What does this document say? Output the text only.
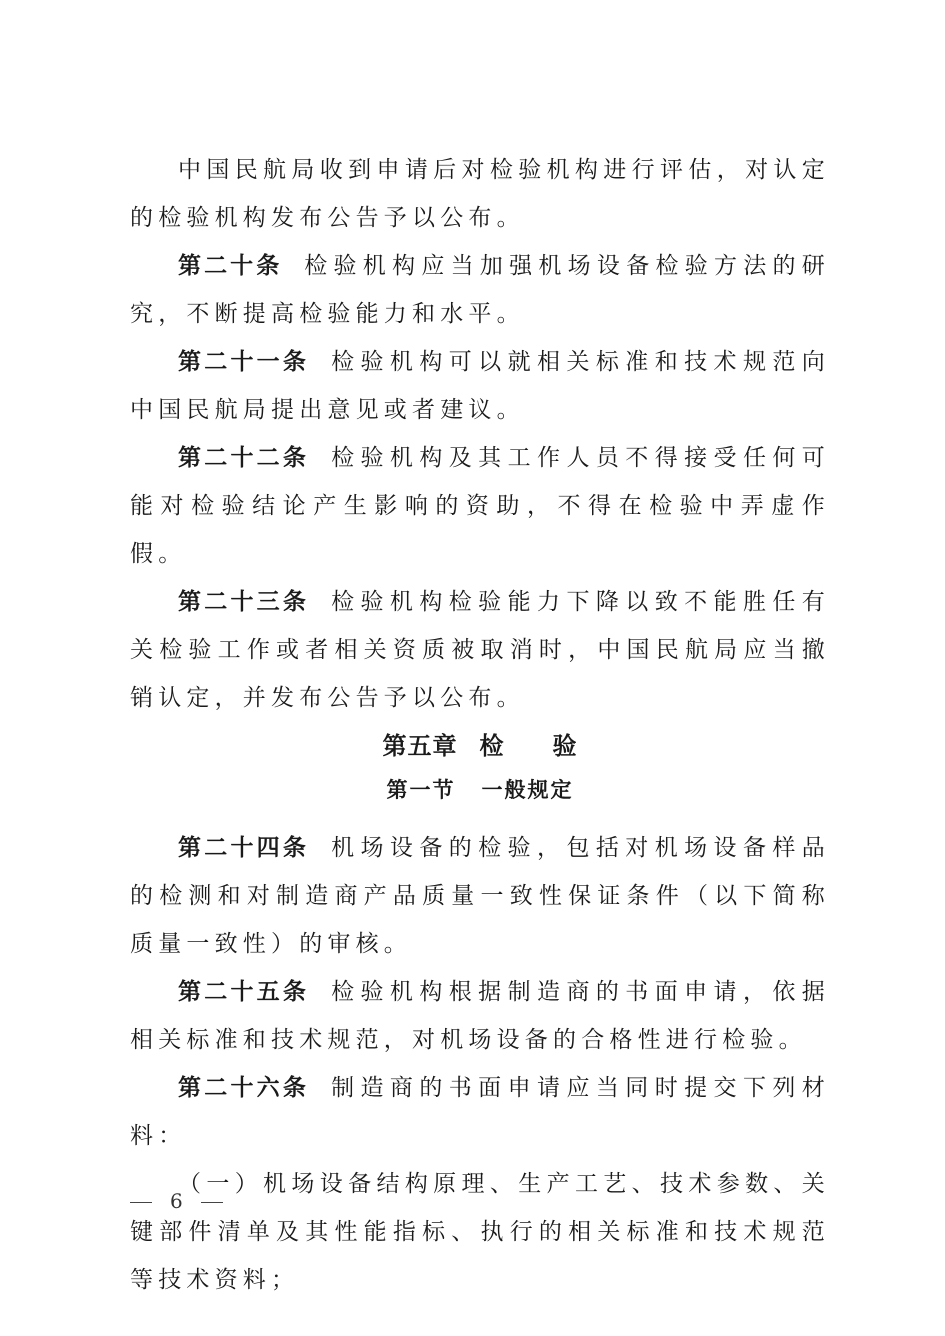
中国民航局收到申请后对检验机构进行评估，对认定的检验机构发布公告予以公布。

第二十条 检验机构应当加强机场设备检验方法的研究，不断提高检验能力和水平。

第二十一条 检验机构可以就相关标准和技术规范向中国民航局提出意见或者建议。

第二十二条 检验机构及其工作人员不得接受任何可能对检验结论产生影响的资助，不得在检验中弄虚作假。

第二十三条 检验机构检验能力下降以致不能胜任有关检验工作或者相关资质被取消时，中国民航局应当撤销认定，并发布公告予以公布。

第五章 检 验

第一节 一般规定

第二十四条 机场设备的检验，包括对机场设备样品的检测和对制造商产品质量一致性保证条件（以下简称质量一致性）的审核。

第二十五条 检验机构根据制造商的书面申请，依据相关标准和技术规范，对机场设备的合格性进行检验。

第二十六条 制造商的书面申请应当同时提交下列材料：

（一）机场设备结构原理、生产工艺、技术参数、关键部件清单及其性能指标、执行的相关标准和技术规范等技术资料；

6
